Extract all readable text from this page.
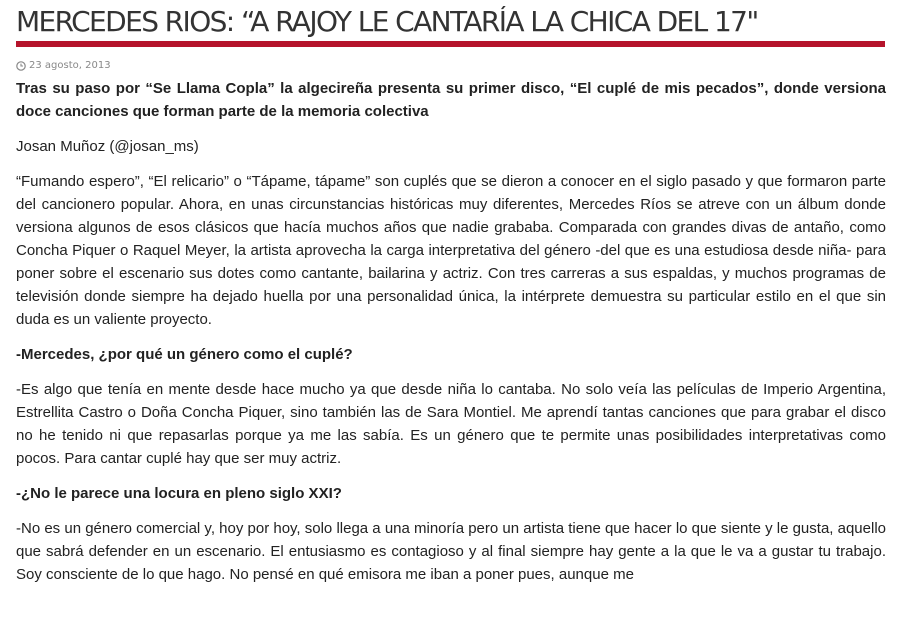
MERCEDES RIOS: “A RAJOY LE CANTARÍA LA CHICA DEL 17"
23 agosto, 2013

Tras su paso por “Se Llama Copla” la algecireña presenta su primer disco, “El cuplé de mis pecados”, donde versiona doce canciones que forman parte de la memoria colectiva

Josan Muñoz (@josan_ms)

“Fumando espero”, “El relicario” o “Tápame, tápame” son cuplés que se dieron a conocer en el siglo pasado y que formaron parte del cancionero popular. Ahora, en unas circunstancias históricas muy diferentes, Mercedes Ríos se atreve con un álbum donde versiona algunos de esos clásicos que hacía muchos años que nadie grababa. Comparada con grandes divas de antaño, como Concha Piquer o Raquel Meyer, la artista aprovecha la carga interpretativa del género -del que es una estudiosa desde niña- para poner sobre el escenario sus dotes como cantante, bailarina y actriz. Con tres carreras a sus espaldas, y muchos programas de televisión donde siempre ha dejado huella por una personalidad única, la intérprete demuestra su particular estilo en el que sin duda es un valiente proyecto.

-Mercedes, ¿por qué un género como el cuplé?

-Es algo que tenía en mente desde hace mucho ya que desde niña lo cantaba. No solo veía las películas de Imperio Argentina, Estrellita Castro o Doña Concha Piquer, sino también las de Sara Montiel. Me aprendí tantas canciones que para grabar el disco no he tenido ni que repasarlas porque ya me las sabía. Es un género que te permite unas posibilidades interpretativas como pocos. Para cantar cuplé hay que ser muy actriz.

-¿No le parece una locura en pleno siglo XXI?

-No es un género comercial y, hoy por hoy, solo llega a una minoría pero un artista tiene que hacer lo que siente y le gusta, aquello que sabrá defender en un escenario. El entusiasmo es contagioso y al final siempre hay gente a la que le va a gustar tu trabajo. Soy consciente de lo que hago. No pensé en qué emisora me iban a poner pues, aunque me
